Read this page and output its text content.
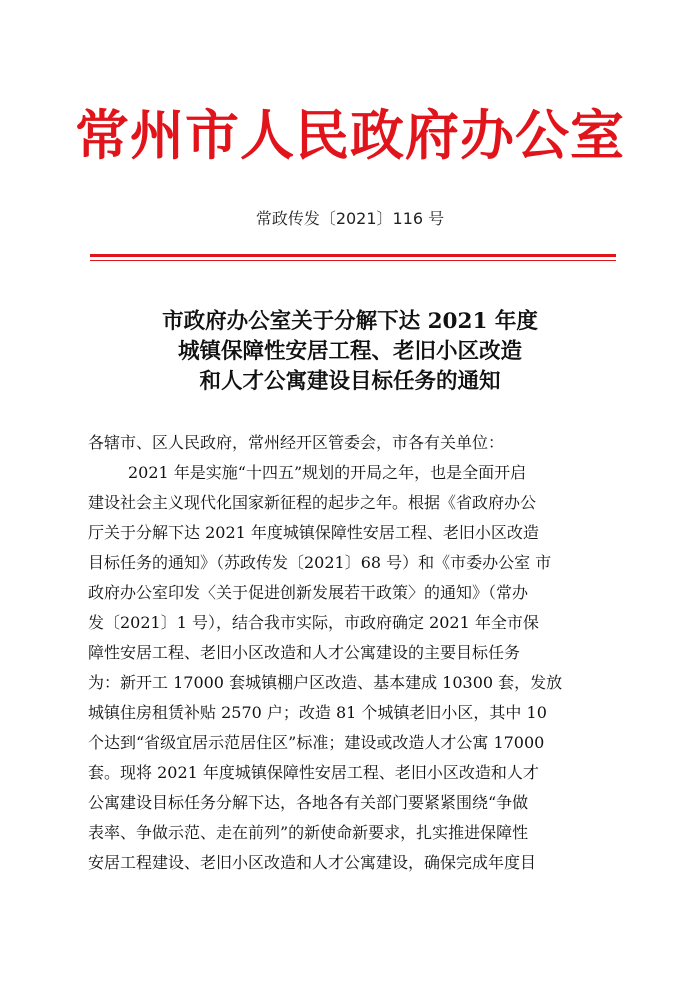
常州市人民政府办公室
常政传发〔2021〕116 号
市政府办公室关于分解下达 2021 年度
城镇保障性安居工程、老旧小区改造
和人才公寓建设目标任务的通知
各辖市、区人民政府，常州经开区管委会，市各有关单位：
2021 年是实施“十四五”规划的开局之年，也是全面开启
建设社会主义现代化国家新征程的起步之年。根据《省政府办公
厅关于分解下达 2021 年度城镇保障性安居工程、老旧小区改造
目标任务的通知》（苏政传发〔2021〕68 号）和《市委办公室 市
政府办公室印发〈关于促进创新发展若干政策〉的通知》（常办
发〔2021〕1 号），结合我市实际，市政府确定 2021 年全市保
障性安居工程、老旧小区改造和人才公寓建设的主要目标任务
为：新开工 17000 套城镇棚户区改造、基本建成 10300 套，发放
城镇住房租赁补贴 2570 户；改造 81 个城镇老旧小区，其中 10
个达到“省级宜居示范居住区”标准；建设或改造人才公寓 17000
套。现将 2021 年度城镇保障性安居工程、老旧小区改造和人才
公寓建设目标任务分解下达，各地各有关部门要紧紧围绕“争做
表率、争做示范、走在前列”的新使命新要求，扎实推进保障性
安居工程建设、老旧小区改造和人才公寓建设，确保完成年度目
